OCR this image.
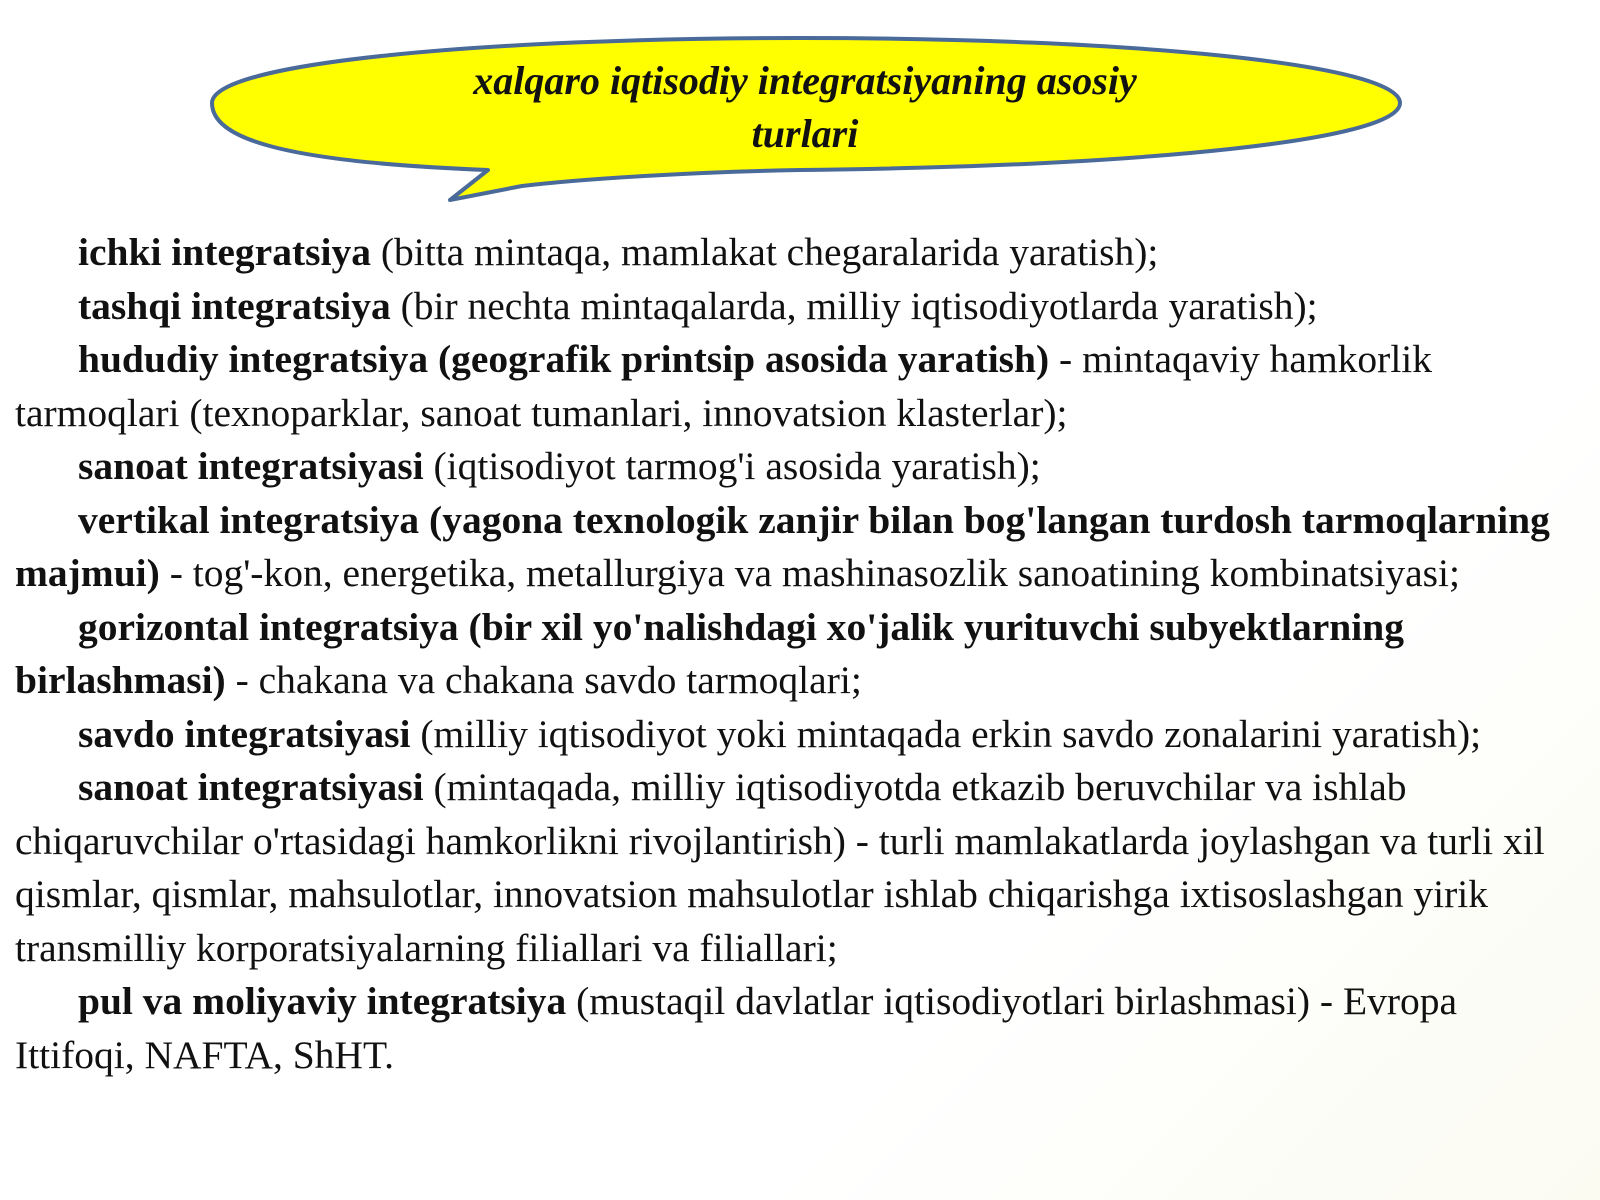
xalqaro iqtisodiy integratsiyaning asosiy
turlari

ichki integratsiya (bitta mintaqa, mamlakat chegaralarida yaratish);

tashqi integratsiya (bir nechta mintaqalarda, milliy iqtisodiyotlarda yaratish);

hududiy integratsiya (geografik printsip asosida yaratish) - mintaqaviy hamkorlik tarmoqlari (texnoparklar, sanoat tumanlari, innovatsion klasterlar);

sanoat integratsiyasi (iqtisodiyot tarmog'i asosida yaratish);

vertikal integratsiya (yagona texnologik zanjir bilan bog'langan turdosh tarmoqlarning majmui) - tog'-kon, energetika, metallurgiya va mashinasozlik sanoatining kombinatsiyasi;

gorizontal integratsiya (bir xil yo'nalishdagi xo'jalik yurituvchi subyektlarning birlashmasi) - chakana va chakana savdo tarmoqlari;

savdo integratsiyasi (milliy iqtisodiyot yoki mintaqada erkin savdo zonalarini yaratish);

sanoat integratsiyasi (mintaqada, milliy iqtisodiyotda etkazib beruvchilar va ishlab chiqaruvchilar o'rtasidagi hamkorlikni rivojlantirish) - turli mamlakatlarda joylashgan va turli xil qismlar, qismlar, mahsulotlar, innovatsion mahsulotlar ishlab chiqarishga ixtisoslashgan yirik transmilliy korporatsiyalarning filiallari va filiallari;

pul va moliyaviy integratsiya (mustaqil davlatlar iqtisodiyotlari birlashmasi) - Evropa Ittifoqi, NAFTA, ShHT.
